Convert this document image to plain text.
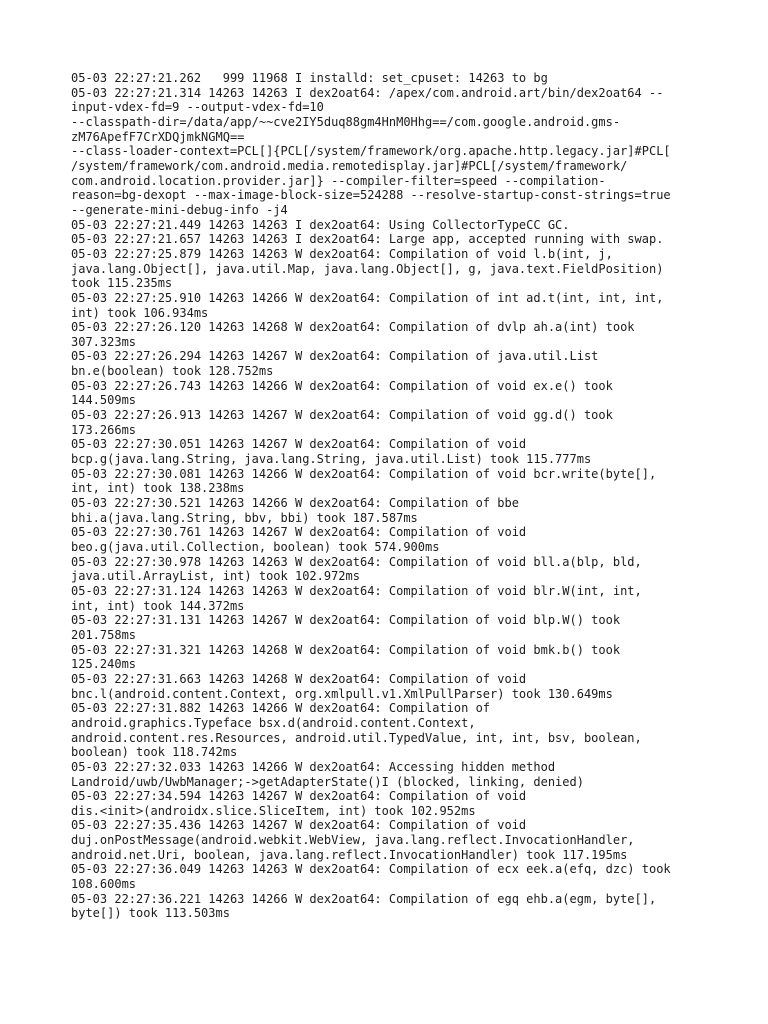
05-03 22:27:21.262   999 11968 I installd: set_cpuset: 14263 to bg
05-03 22:27:21.314 14263 14263 I dex2oat64: /apex/com.android.art/bin/dex2oat64 --
input-vdex-fd=9 --output-vdex-fd=10
--classpath-dir=/data/app/~~cve2IY5duq88gm4HnM0Hhg==/com.google.android.gms-
zM76ApefF7CrXDQjmkNGMQ==
--class-loader-context=PCL[]{PCL[/system/framework/org.apache.http.legacy.jar]#PCL[
/system/framework/com.android.media.remotedisplay.jar]#PCL[/system/framework/
com.android.location.provider.jar]} --compiler-filter=speed --compilation-
reason=bg-dexopt --max-image-block-size=524288 --resolve-startup-const-strings=true
--generate-mini-debug-info -j4
05-03 22:27:21.449 14263 14263 I dex2oat64: Using CollectorTypeCC GC.
05-03 22:27:21.657 14263 14263 I dex2oat64: Large app, accepted running with swap.
05-03 22:27:25.879 14263 14263 W dex2oat64: Compilation of void l.b(int, j,
java.lang.Object[], java.util.Map, java.lang.Object[], g, java.text.FieldPosition)
took 115.235ms
05-03 22:27:25.910 14263 14266 W dex2oat64: Compilation of int ad.t(int, int, int,
int) took 106.934ms
05-03 22:27:26.120 14263 14268 W dex2oat64: Compilation of dvlp ah.a(int) took
307.323ms
05-03 22:27:26.294 14263 14267 W dex2oat64: Compilation of java.util.List
bn.e(boolean) took 128.752ms
05-03 22:27:26.743 14263 14266 W dex2oat64: Compilation of void ex.e() took
144.509ms
05-03 22:27:26.913 14263 14267 W dex2oat64: Compilation of void gg.d() took
173.266ms
05-03 22:27:30.051 14263 14267 W dex2oat64: Compilation of void
bcp.g(java.lang.String, java.lang.String, java.util.List) took 115.777ms
05-03 22:27:30.081 14263 14266 W dex2oat64: Compilation of void bcr.write(byte[],
int, int) took 138.238ms
05-03 22:27:30.521 14263 14266 W dex2oat64: Compilation of bbe
bhi.a(java.lang.String, bbv, bbi) took 187.587ms
05-03 22:27:30.761 14263 14267 W dex2oat64: Compilation of void
beo.g(java.util.Collection, boolean) took 574.900ms
05-03 22:27:30.978 14263 14263 W dex2oat64: Compilation of void bll.a(blp, bld,
java.util.ArrayList, int) took 102.972ms
05-03 22:27:31.124 14263 14263 W dex2oat64: Compilation of void blr.W(int, int,
int, int) took 144.372ms
05-03 22:27:31.131 14263 14267 W dex2oat64: Compilation of void blp.W() took
201.758ms
05-03 22:27:31.321 14263 14268 W dex2oat64: Compilation of void bmk.b() took
125.240ms
05-03 22:27:31.663 14263 14268 W dex2oat64: Compilation of void
bnc.l(android.content.Context, org.xmlpull.v1.XmlPullParser) took 130.649ms
05-03 22:27:31.882 14263 14266 W dex2oat64: Compilation of
android.graphics.Typeface bsx.d(android.content.Context,
android.content.res.Resources, android.util.TypedValue, int, int, bsv, boolean,
boolean) took 118.742ms
05-03 22:27:32.033 14263 14266 W dex2oat64: Accessing hidden method
Landroid/uwb/UwbManager;->getAdapterState()I (blocked, linking, denied)
05-03 22:27:34.594 14263 14267 W dex2oat64: Compilation of void
dis.<init>(androidx.slice.SliceItem, int) took 102.952ms
05-03 22:27:35.436 14263 14267 W dex2oat64: Compilation of void
duj.onPostMessage(android.webkit.WebView, java.lang.reflect.InvocationHandler,
android.net.Uri, boolean, java.lang.reflect.InvocationHandler) took 117.195ms
05-03 22:27:36.049 14263 14263 W dex2oat64: Compilation of ecx eek.a(efq, dzc) took
108.600ms
05-03 22:27:36.221 14263 14266 W dex2oat64: Compilation of egq ehb.a(egm, byte[],
byte[]) took 113.503ms
